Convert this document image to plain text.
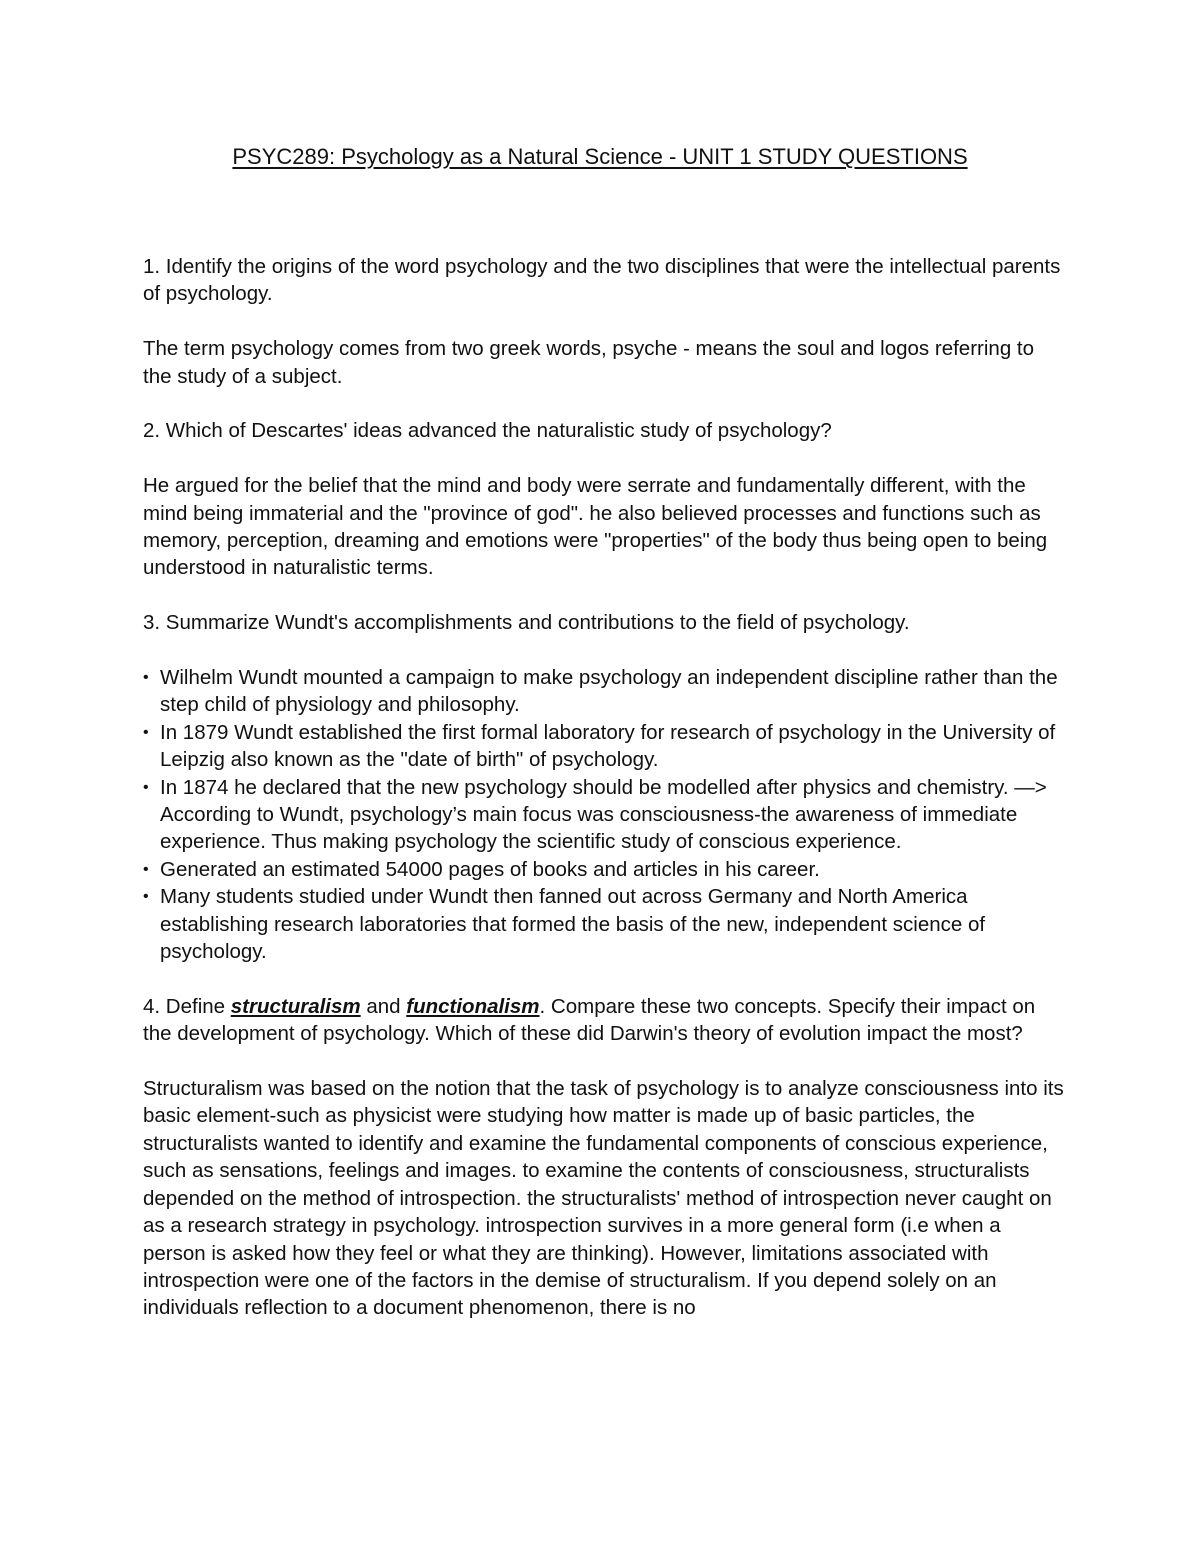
PSYC289: Psychology as a Natural Science - UNIT 1 STUDY QUESTIONS

1. Identify the origins of the word psychology and the two disciplines that were the intellectual parents of psychology.

The term psychology comes from two greek words, psyche - means the soul and logos referring to the study of a subject.

2. Which of Descartes' ideas advanced the naturalistic study of psychology?

He argued for the belief that the mind and body were serrate and fundamentally different, with the mind being immaterial and the "province of god". he also believed processes and functions such as memory, perception, dreaming and emotions were "properties" of the body thus being open to being understood in naturalistic terms.

3. Summarize Wundt's accomplishments and contributions to the field of psychology.

• Wilhelm Wundt mounted a campaign to make psychology an independent discipline rather than the step child of physiology and philosophy.
• In 1879 Wundt established the first formal laboratory for research of psychology in the University of Leipzig also known as the "date of birth" of psychology.
• In 1874 he declared that the new psychology should be modelled after physics and chemistry. —> According to Wundt, psychology’s main focus was consciousness-the awareness of immediate experience. Thus making psychology the scientific study of conscious experience.
• Generated an estimated 54000 pages of books and articles in his career.
• Many students studied under Wundt then fanned out across Germany and North America establishing research laboratories that formed the basis of the new, independent science of psychology.

4. Define structuralism and functionalism. Compare these two concepts. Specify their impact on the development of psychology. Which of these did Darwin's theory of evolution impact the most?

Structuralism was based on the notion that the task of psychology is to analyze consciousness into its basic element-such as physicist were studying how matter is made up of basic particles, the structuralists wanted to identify and examine the fundamental components of conscious experience, such as sensations, feelings and images. to examine the contents of consciousness, structuralists depended on the method of introspection. the structuralists' method of introspection never caught on as a research strategy in psychology. introspection survives in a more general form (i.e when a person is asked how they feel or what they are thinking). However, limitations associated with introspection were one of the factors in the demise of structuralism. If you depend solely on an individuals reflection to a document phenomenon, there is no
